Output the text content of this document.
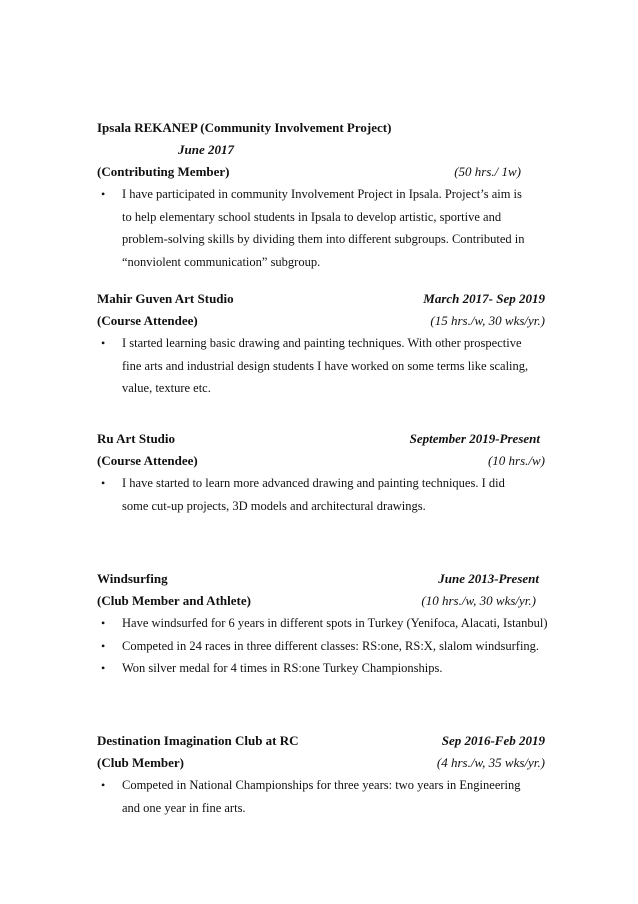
Ipsala REKANEP (Community Involvement Project)
June 2017
(Contributing Member)	(50 hrs./ 1w)
• I have participated in community Involvement Project in Ipsala. Project’s aim is to help elementary school students in Ipsala to develop artistic, sportive and problem-solving skills by dividing them into different subgroups. Contributed in “nonviolent communication” subgroup.
Mahir Guven Art Studio	March 2017- Sep 2019
(Course Attendee)	(15 hrs./w, 30 wks/yr.)
• I started learning basic drawing and painting techniques. With other prospective fine arts and industrial design students I have worked on some terms like scaling, value, texture etc.
Ru Art Studio	September 2019-Present
(Course Attendee)	(10 hrs./w)
• I have started to learn more advanced drawing and painting techniques. I did some cut-up projects, 3D models and architectural drawings.
Windsurfing	June 2013-Present
(Club Member and Athlete)	(10 hrs./w, 30 wks/yr.)
• Have windsurfed for 6 years in different spots in Turkey (Yenifoca, Alacati, Istanbul)
• Competed in 24 races in three different classes: RS:one, RS:X, slalom windsurfing.
• Won silver medal for 4 times in RS:one Turkey Championships.
Destination Imagination Club at RC	Sep 2016-Feb 2019
(Club Member)	(4 hrs./w, 35 wks/yr.)
• Competed in National Championships for three years: two years in Engineering and one year in fine arts.
